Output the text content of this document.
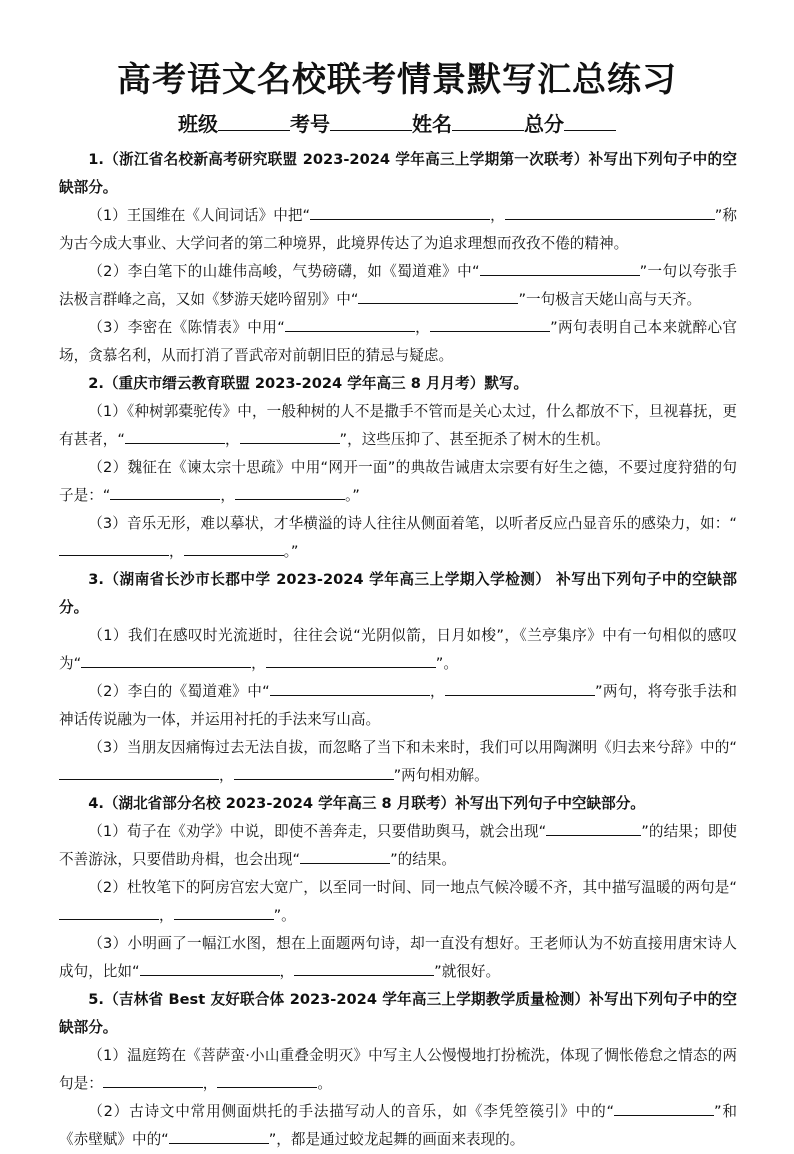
高考语文名校联考情景默写汇总练习
班级	考号	姓名	总分

1.（浙江省名校新高考研究联盟 2023-2024 学年高三上学期第一次联考）补写出下列句子中的空缺部分。

（1）王国维在《人间词话》中把“	，	”称为古今成大事业、大学问者的第二种境界，此境界传达了为追求理想而孜孜不倦的精神。

（2）李白笔下的山雄伟高峻，气势磅礴，如《蜀道难》中“	”一句以夸张手法极言群峰之高，又如《梦游天姥吟留别》中“	”一句极言天姥山高与天齐。

（3）李密在《陈情表》中用“	，	”两句表明自己本来就醉心官场，贪慕名利，从而打消了晋武帝对前朝旧臣的猜忌与疑虑。

2.（重庆市缙云教育联盟 2023-2024 学年高三 8 月月考）默写。

（1）《种树郭橐驼传》中，一般种树的人不是撒手不管而是关心太过，什么都放不下，旦视暮抚，更有甚者，“	，	”，这些压抑了、甚至扼杀了树木的生机。

（2）魏征在《谏太宗十思疏》中用“网开一面”的典故告诫唐太宗要有好生之德，不要过度狩猎的句子是：“	，	。”

（3）音乐无形，难以摹状，才华横溢的诗人往往从侧面着笔，以听者反应凸显音乐的感染力，如：“，	。”

3.（湖南省长沙市长郡中学 2023-2024 学年高三上学期入学检测） 补写出下列句子中的空缺部分。

（1）我们在感叹时光流逝时，往往会说“光阴似箭，日月如梭”，《兰亭集序》中有一句相似的感叹为“	，	”。

（2）李白的《蜀道难》中“	，	”两句，将夸张手法和神话传说融为一体，并运用衬托的手法来写山高。

（3）当朋友因痛悔过去无法自拔，而忽略了当下和未来时，我们可以用陶渊明《归去来兮辞》中的“，	”两句相劝解。

4.（湖北省部分名校 2023-2024 学年高三 8 月联考）补写出下列句子中空缺部分。

（1）荀子在《劝学》中说，即使不善奔走，只要借助舆马，就会出现“	”的结果；即使不善游泳，只要借助舟楫，也会出现“	”的结果。

（2）杜牧笔下的阿房宫宏大宽广，以至同一时间、同一地点气候冷暖不齐，其中描写温暖的两句是“，	”。

（3）小明画了一幅江水图，想在上面题两句诗，却一直没有想好。王老师认为不妨直接用唐宋诗人成句，比如“	，	”就很好。

5.（吉林省 Best 友好联合体 2023-2024 学年高三上学期教学质量检测）补写出下列句子中的空缺部分。

（1）温庭筠在《菩萨蛮·小山重叠金明灭》中写主人公慢慢地打扮梳洗，体现了惆怅倦怠之情态的两句是：	，	。

（2）古诗文中常用侧面烘托的手法描写动人的音乐，如《李凭箜篌引》中的“	”和《赤壁赋》中的“	”，都是通过蛟龙起舞的画面来表现的。
